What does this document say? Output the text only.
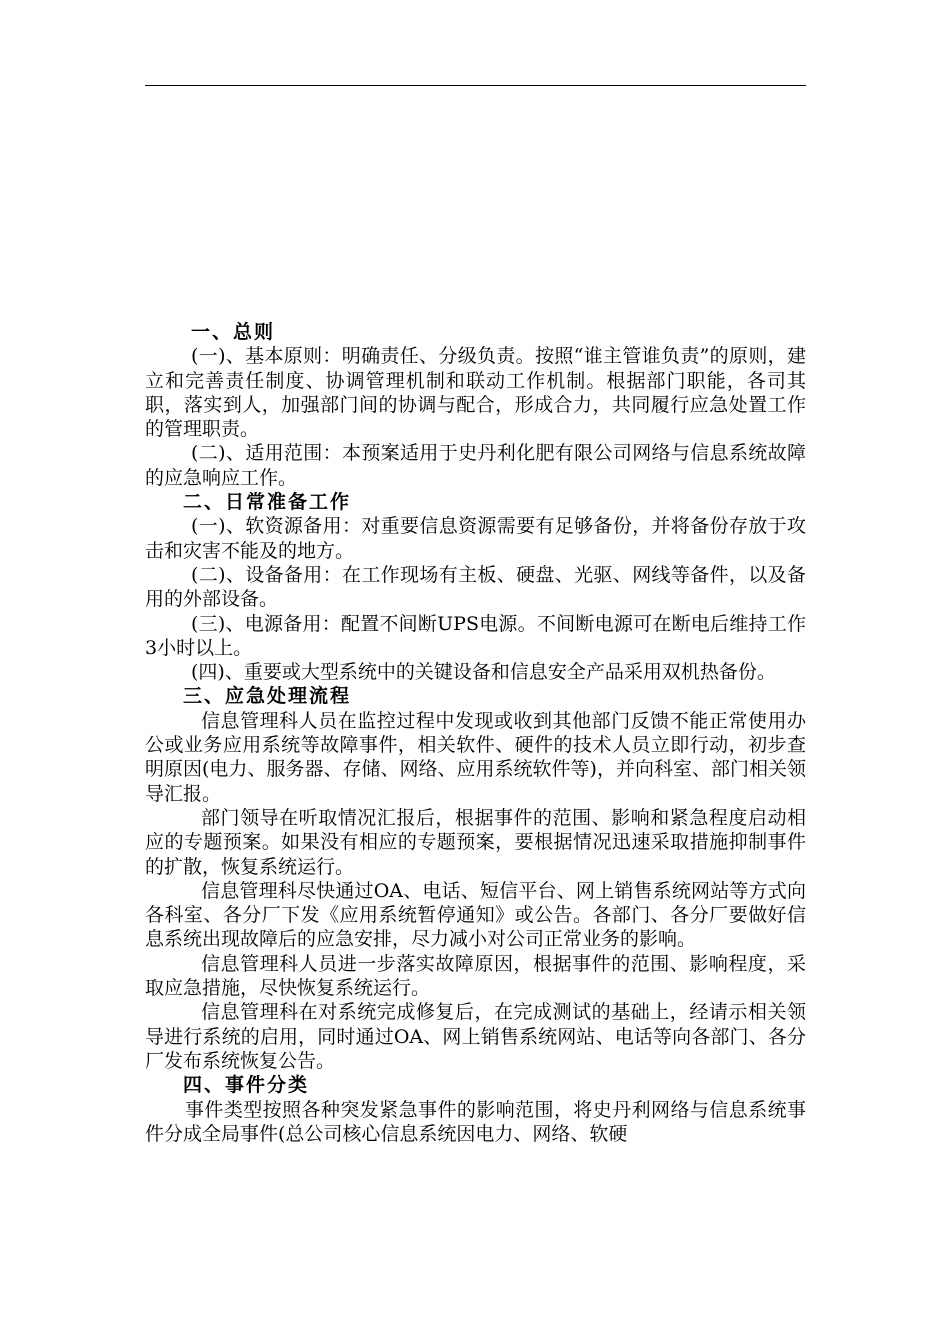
一、总则

(一)、基本原则：明确责任、分级负责。按照“谁主管谁负责”的原则，建立和完善责任制度、协调管理机制和联动工作机制。根据部门职能，各司其职，落实到人，加强部门间的协调与配合，形成合力，共同履行应急处置工作的管理职责。

(二)、适用范围：本预案适用于史丹利化肥有限公司网络与信息系统故障的应急响应工作。

二、日常准备工作

(一)、软资源备用：对重要信息资源需要有足够备份，并将备份存放于攻击和灾害不能及的地方。

(二)、设备备用：在工作现场有主板、硬盘、光驱、网线等备件，以及备用的外部设备。

(三)、电源备用：配置不间断UPS电源。不间断电源可在断电后维持工作3小时以上。

(四)、重要或大型系统中的关键设备和信息安全产品采用双机热备份。

三、应急处理流程

信息管理科人员在监控过程中发现或收到其他部门反馈不能正常使用办公或业务应用系统等故障事件，相关软件、硬件的技术人员立即行动，初步查明原因(电力、服务器、存储、网络、应用系统软件等)，并向科室、部门相关领导汇报。

部门领导在听取情况汇报后，根据事件的范围、影响和紧急程度启动相应的专题预案。如果没有相应的专题预案，要根据情况迅速采取措施抑制事件的扩散，恢复系统运行。

信息管理科尽快通过OA、电话、短信平台、网上销售系统网站等方式向各科室、各分厂下发《应用系统暂停通知》或公告。各部门、各分厂要做好信息系统出现故障后的应急安排，尽力减小对公司正常业务的影响。

信息管理科人员进一步落实故障原因，根据事件的范围、影响程度，采取应急措施，尽快恢复系统运行。

信息管理科在对系统完成修复后，在完成测试的基础上，经请示相关领导进行系统的启用，同时通过OA、网上销售系统网站、电话等向各部门、各分厂发布系统恢复公告。

四、事件分类

事件类型按照各种突发紧急事件的影响范围，将史丹利网络与信息系统事件分成全局事件(总公司核心信息系统因电力、网络、软硬
